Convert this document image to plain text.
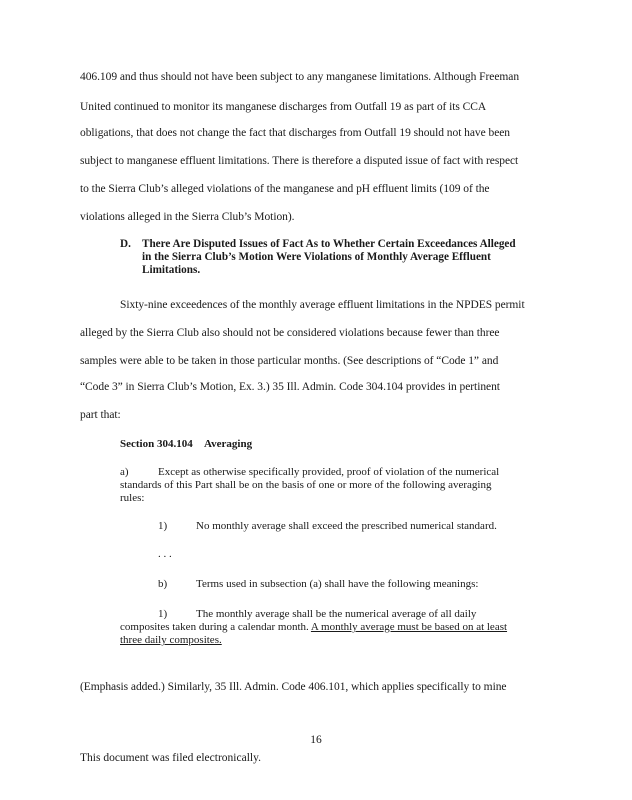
406.109 and thus should not have been subject to any manganese limitations. Although Freeman
United continued to monitor its manganese discharges from Outfall 19 as part of its CCA
obligations, that does not change the fact that discharges from Outfall 19 should not have been
subject to manganese effluent limitations. There is therefore a disputed issue of fact with respect
to the Sierra Club’s alleged violations of the manganese and pH effluent limits (109 of the
violations alleged in the Sierra Club’s Motion).
D. There Are Disputed Issues of Fact As to Whether Certain Exceedances Alleged
in the Sierra Club’s Motion Were Violations of Monthly Average Effluent
Limitations.
Sixty-nine exceedences of the monthly average effluent limitations in the NPDES permit
alleged by the Sierra Club also should not be considered violations because fewer than three
samples were able to be taken in those particular months. (See descriptions of “Code 1” and
“Code 3” in Sierra Club’s Motion, Ex. 3.) 35 Ill. Admin. Code 304.104 provides in pertinent
part that:
Section 304.104 Averaging
a)	Except as otherwise specifically provided, proof of violation of the numerical
standards of this Part shall be on the basis of one or more of the following averaging
rules:
1)	No monthly average shall exceed the prescribed numerical standard.
. . .
b)	Terms used in subsection (a) shall have the following meanings:
1)	The monthly average shall be the numerical average of all daily
composites taken during a calendar month. A monthly average must be based on at least
three daily composites.
(Emphasis added.) Similarly, 35 Ill. Admin. Code 406.101, which applies specifically to mine
16
This document was filed electronically.
